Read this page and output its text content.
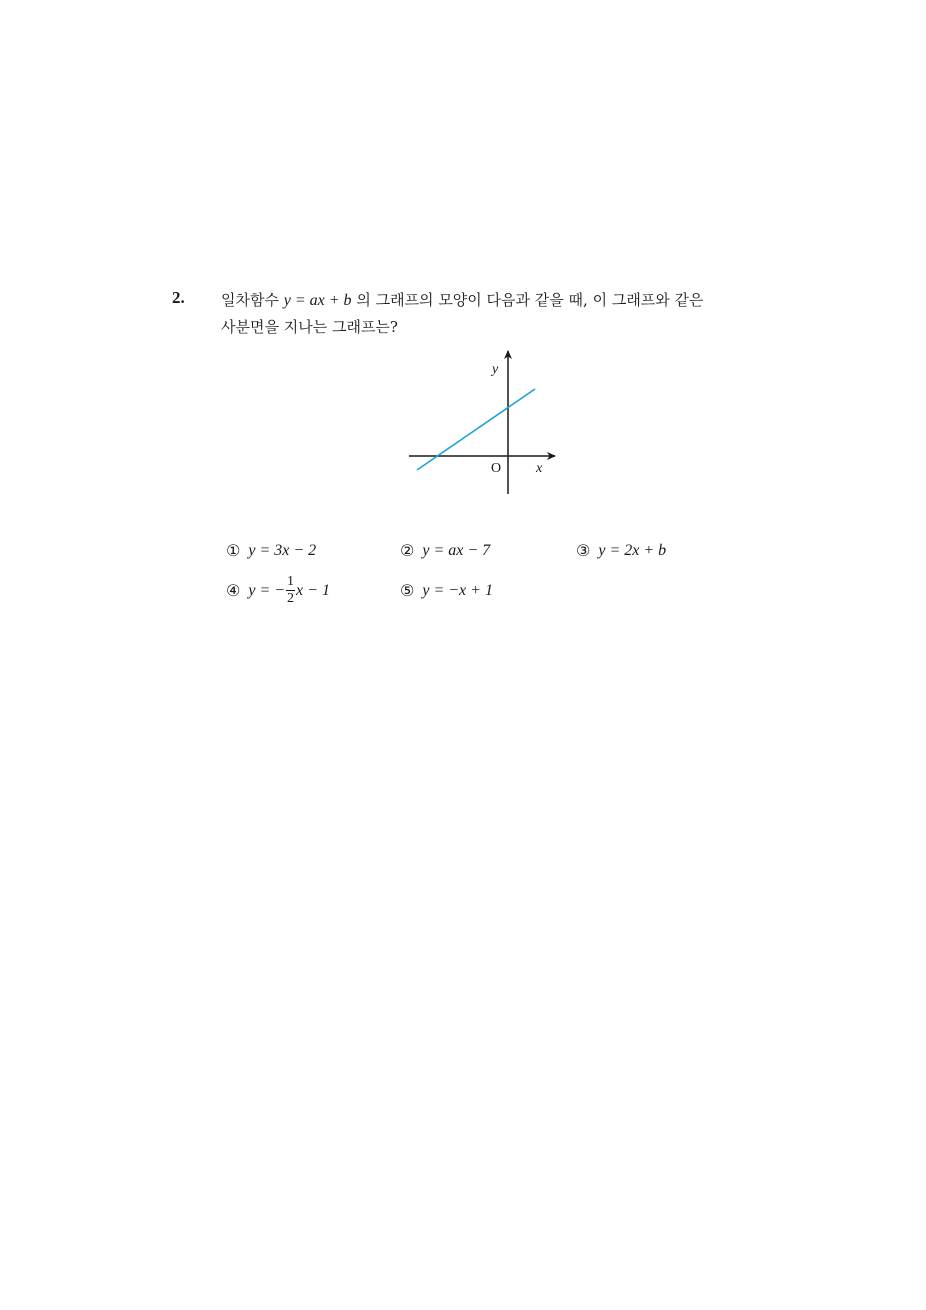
2. 일차함수 y = ax + b 의 그래프의 모양이 다음과 같을 때, 이 그래프와 같은
사분면을 지나는 그래프는?
y
x
O
① y = 3x − 2	② y = ax − 7	③ y = 2x + b
④ y = − $\frac{1}{2}$ x − 1	⑤ y = −x + 1
